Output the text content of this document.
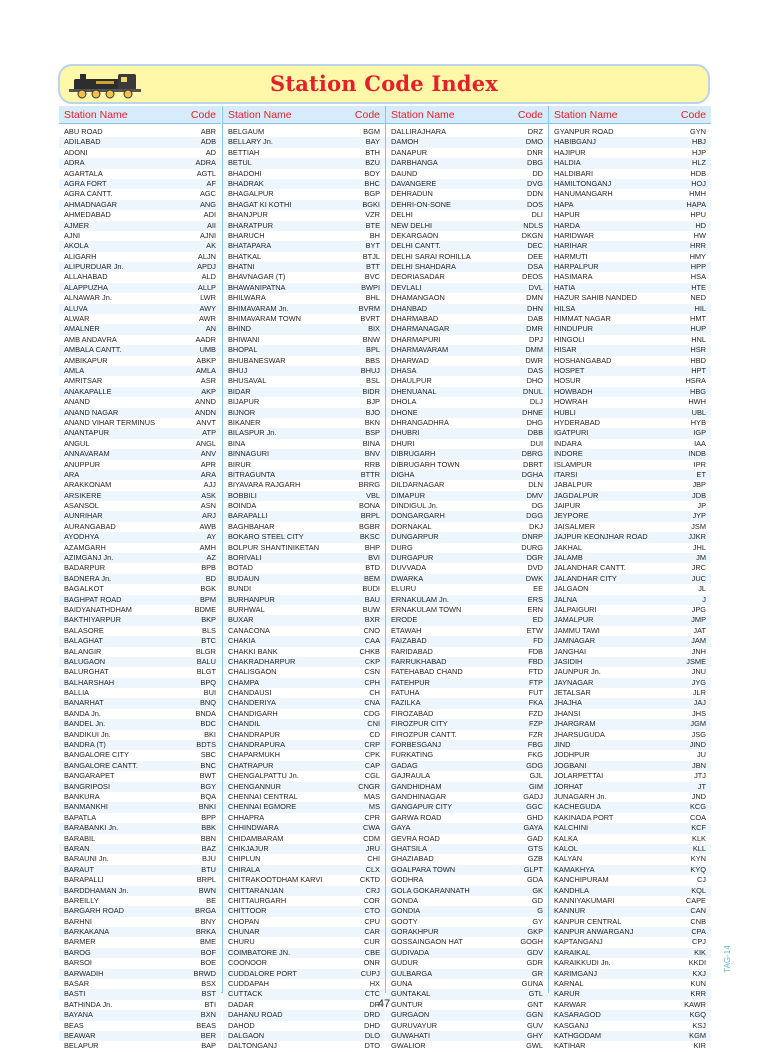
Station Code Index
Station Name	Code
ABU ROAD	ABR
ADILABAD	ADB
ADONI	AD
ADRA	ADRA
AGARTALA	AGTL
AGRA FORT	AF
AGRA CANTT.	AGC
AHMADNAGAR	ANG
AHMEDABAD	ADI
AJMER	AII
AJNI	AJNI
AKOLA	AK
ALIGARH	ALJN
ALIPURDUAR Jn.	APDJ
ALLAHABAD	ALD
ALAPPUZHA	ALLP
ALNAWAR Jn.	LWR
ALUVA	AWY
ALWAR	AWR
AMALNER	AN
AMB ANDAVRA	AADR
AMBALA CANTT.	UMB
AMBIKAPUR	ABKP
AMLA	AMLA
AMRITSAR	ASR
ANAKAPALLE	AKP
ANAND	ANND
ANAND NAGAR	ANDN
ANAND VIHAR TERMINUS	ANVT
ANANTAPUR	ATP
ANGUL	ANGL
ANNAVARAM	ANV
ANUPPUR	APR
ARA	ARA
ARAKKONAM	AJJ
ARSIKERE	ASK
ASANSOL	ASN
AUNRIHAR	ARJ
AURANGABAD	AWB
AYODHYA	AY
AZAMGARH	AMH
AZIMGANJ Jn.	AZ
BADARPUR	BPB
BADNERA Jn.	BD
BAGALKOT	BGK
BAGHPAT ROAD	BPM
BAIDYANATHDHAM	BDME
BAKTHIYARPUR	BKP
BALASORE	BLS
BALAGHAT	BTC
BALANGIR	BLGR
BALUGAON	BALU
BALURGHAT	BLGT
BALHARSHAH	BPQ
BALLIA	BUI
BANARHAT	BNQ
BANDA Jn.	BNDA
BANDEL Jn.	BDC
BANDIKUI Jn.	BKI
BANDRA (T)	BDTS
BANGALORE CITY	SBC
BANGALORE CANTT.	BNC
BANGARAPET	BWT
BANGRIPOSI	BGY
BANKURA	BQA
BANMANKHI	BNKI
BAPATLA	BPP
BARABANKI Jn.	BBK
BARABIL	BBN
BARAN	BAZ
BARAUNI Jn.	BJU
BARAUT	BTU
BARAPALLI	BRPL
BARDDHAMAN Jn.	BWN
BAREILLY	BE
BARGARH ROAD	BRGA
BARHNI	BNY
BARKAKANA	BRKA
BARMER	BME
BAROG	BOF
BARSOI	BOE
BARWADIH	BRWD
BASAR	BSX
BASTI	BST
BATHINDA Jn.	BTI
BAYANA	BXN
BEAS	BEAS
BEAWAR	BER
BELAPUR	BAP
Station Name	Code
BELGAUM	BGM
BELLARY Jn.	BAY
BETTIAH	BTH
BETUL	BZU
BHADOHI	BOY
BHADRAK	BHC
BHAGALPUR	BGP
BHAGAT KI KOTHI	BGKI
BHANJPUR	VZR
BHARATPUR	BTE
BHARUCH	BH
BHATAPARA	BYT
BHATKAL	BTJL
BHATNI	BTT
BHAVNAGAR (T)	BVC
BHAWANIPATNA	BWPI
BHILWARA	BHL
BHIMAVARAM Jn.	BVRM
BHIMAVARAM TOWN	BVRT
BHIND	BIX
BHIWANI	BNW
BHOPAL	BPL
BHUBANESWAR	BBS
BHUJ	BHUJ
BHUSAVAL	BSL
BIDAR	BIDR
BIJAPUR	BJP
BIJNOR	BJO
BIKANER	BKN
BILASPUR Jn.	BSP
BINA	BINA
BINNAGURI	BNV
BIRUR	RRB
BITRAGUNTA	BTTR
BIYAVARA RAJGARH	BRRG
BOBBILI	VBL
BOINDA	BONA
BARAPALLI	BRPL
BAGHBAHAR	BGBR
BOKARO STEEL CITY	BKSC
BOLPUR SHANTINIKETAN	BHP
BORIVALI	BVI
BOTAD	BTD
BUDAUN	BEM
BUNDI	BUDI
BURHANPUR	BAU
BURHWAL	BUW
BUXAR	BXR
CANACONA	CNO
CHAKIA	CAA
CHAKKI BANK	CHKB
CHAKRADHARPUR	CKP
CHALISGAON	CSN
CHAMPA	CPH
CHANDAUSI	CH
CHANDERIYA	CNA
CHANDIGARH	CDG
CHANDIL	CNI
CHANDRAPUR	CD
CHANDRAPURA	CRP
CHAPARMUKH	CPK
CHATRAPUR	CAP
CHENGALPATTU Jn.	CGL
CHENGANNUR	CNGR
CHENNAI CENTRAL	MAS
CHENNAI EGMORE	MS
CHHAPRA	CPR
CHHINDWARA	CWA
CHIDAMBARAM	CDM
CHIKJAJUR	JRU
CHIPLUN	CHI
CHIRALA	CLX
CHITRAKOOTDHAM KARVI	CKTD
CHITTARANJAN	CRJ
CHITTAURGARH	COR
CHITTOOR	CTO
CHOPAN	CPU
CHUNAR	CAR
CHURU	CUR
COIMBATORE JN.	CBE
COONOOR	ONR
CUDDALORE PORT	CUPJ
CUDDAPAH	HX
CUTTACK	CTC
DADAR	DR
DAHANU ROAD	DRD
DAHOD	DHD
DALGAON	DLO
DALTONGANJ	DTO
Station Name	Code
DALLIRAJHARA	DRZ
DAMOH	DMO
DANAPUR	DNR
DARBHANGA	DBG
DAUND	DD
DAVANGERE	DVG
DEHRADUN	DDN
DEHRI-ON-SONE	DOS
DELHI	DLI
NEW DELHI	NDLS
DEKARGAON	DKGN
DELHI CANTT.	DEC
DELHI SARAI ROHILLA	DEE
DELHI SHAHDARA	DSA
DEORIASADAR	DEOS
DEVLALI	DVL
DHAMANGAON	DMN
DHANBAD	DHN
DHARMABAD	DAB
DHARMANAGAR	DMR
DHARMAPURI	DPJ
DHARMAVARAM	DMM
DHARWAD	DWR
DHASA	DAS
DHAULPUR	DHO
DHENUANAL	DNUL
DHOLA	DLJ
DHONE	DHNE
DHRANGADHRA	DHG
DHUBRI	DBB
DHURI	DUI
DIBRUGARH	DBRG
DIBRUGARH TOWN	DBRT
DIGHA	DGHA
DILDARNAGAR	DLN
DIMAPUR	DMV
DINDIGUL Jn.	DG
DONGARGARH	DGG
DORNAKAL	DKJ
DUNGARPUR	DNRP
DURG	DURG
DURGAPUR	DGR
DUVVADA	DVD
DWARKA	DWK
ELURU	EE
ERNAKULAM Jn.	ERS
ERNAKULAM TOWN	ERN
ERODE	ED
ETAWAH	ETW
FAIZABAD	FD
FARIDABAD	FDB
FARRUKHABAD	FBD
FATEHABAD CHAND	FTD
FATEHPUR	FTP
FATUHA	FUT
FAZILKA	FKA
FIROZABAD	FZD
FIROZPUR CITY	FZP
FIROZPUR CANTT.	FZR
FORBESGANJ	FBG
FURKATING	FKG
GADAG	GDG
GAJRAULA	GJL
GANDHIDHAM	GIM
GANDHINAGAR	GADJ
GANGAPUR CITY	GGC
GARWA ROAD	GHD
GAYA	GAYA
GEVRA ROAD	GAD
GHATSILA	GTS
GHAZIABAD	GZB
GOALPARA TOWN	GLPT
GODHRA	GDA
GOLA GOKARANNATH	GK
GONDA	GD
GONDIA	G
GOOTY	GY
GORAKHPUR	GKP
GOSSAINGAON HAT	GOGH
GUDIVADA	GDV
GUDUR	GDR
GULBARGA	GR
GUNA	GUNA
GUNTAKAL	GTL
GUNTUR	GNT
GURGAON	GGN
GURUVAYUR	GUV
GUWAHATI	GHY
GWALIOR	GWL
Station Name	Code
GYANPUR ROAD	GYN
HABIBGANJ	HBJ
HAJIPUR	HJP
HALDIA	HLZ
HALDIBARI	HDB
HAMILTONGANJ	HOJ
HANUMANGARH	HMH
HAPA	HAPA
HAPUR	HPU
HARDA	HD
HARIDWAR	HW
HARIHAR	HRR
HARMUTI	HMY
HARPALPUR	HPP
HASIMARA	HSA
HATIA	HTE
HAZUR SAHIB NANDED	NED
HILSA	HIL
HIMMAT NAGAR	HMT
HINDUPUR	HUP
HINGOLI	HNL
HISAR	HSR
HOSHANGABAD	HBD
HOSPET	HPT
HOSUR	HSRA
HOWBADH	HBG
HOWRAH	HWH
HUBLI	UBL
HYDERABAD	HYB
IGATPURI	IGP
INDARA	IAA
INDORE	INDB
ISLAMPUR	IPR
ITARSI	ET
JABALPUR	JBP
JAGDALPUR	JDB
JAIPUR	JP
JEYPORE	JYP
JAISALMER	JSM
JAJPUR KEONJHAR ROAD	JJKR
JAKHAL	JHL
JALAMB	JM
JALANDHAR CANTT.	JRC
JALANDHAR CITY	JUC
JALGAON	JL
JALNA	J
JALPAIGURI	JPG
JAMALPUR	JMP
JAMMU TAWI	JAT
JAMNAGAR	JAM
JANGHAI	JNH
JASIDIH	JSME
JAUNPUR Jn.	JNU
JAYNAGAR	JYG
JETALSAR	JLR
JHAJHA	JAJ
JHANSI	JHS
JHARGRAM	JGM
JHARSUGUDA	JSG
JIND	JIND
JODHPUR	JU
JOGBANI	JBN
JOLARPETTAI	JTJ
JORHAT	JT
JUNAGARH Jn.	JND
KACHEGUDA	KCG
KAKINADA PORT	COA
KALCHINI	KCF
KALKA	KLK
KALOL	KLL
KALYAN	KYN
KAMAKHYA	KYQ
KANCHIPURAM	CJ
KANDHLA	KQL
KANNIYAKUMARI	CAPE
KANNUR	CAN
KANPUR CENTRAL	CNB
KANPUR ANWARGANJ	CPA
KAPTANGANJ	CPJ
KARAIKAL	KIK
KARAIKKUDI Jn.	KKDI
KARIMGANJ	KXJ
KARNAL	KUN
KARUR	KRR
KARWAR	KAWR
KASARAGOD	KGQ
KASGANJ	KSJ
KATHGODAM	KGM
KATIHAR	KIR
47
TAG-14
